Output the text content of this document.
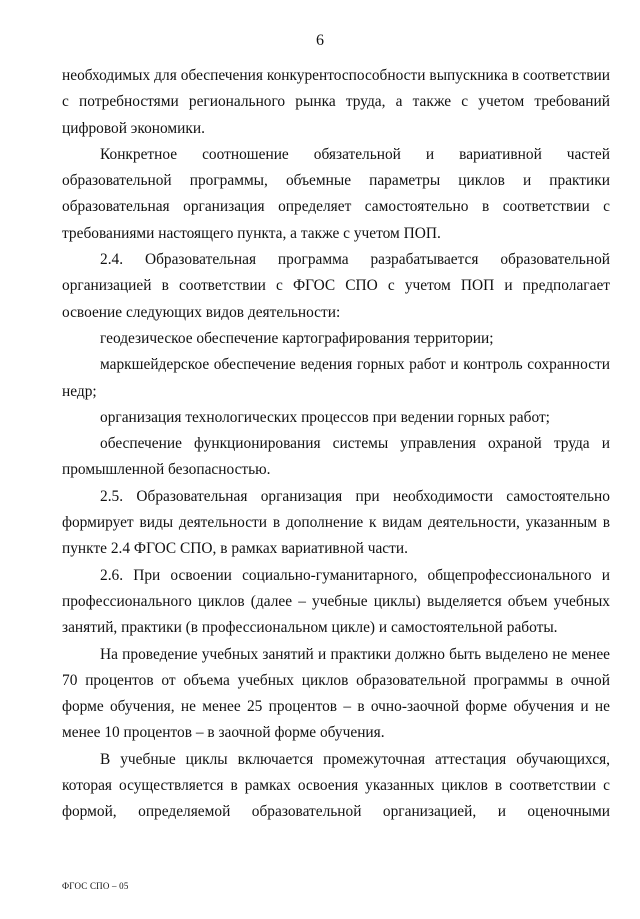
6

необходимых для обеспечения конкурентоспособности выпускника в соответствии с потребностями регионального рынка труда, а также с учетом требований цифровой экономики.

Конкретное соотношение обязательной и вариативной частей образовательной программы, объемные параметры циклов и практики образовательная организация определяет самостоятельно в соответствии с требованиями настоящего пункта, а также с учетом ПОП.

2.4. Образовательная программа разрабатывается образовательной организацией в соответствии с ФГОС СПО с учетом ПОП и предполагает освоение следующих видов деятельности:

геодезическое обеспечение картографирования территории;

маркшейдерское обеспечение ведения горных работ и контроль сохранности недр;

организация технологических процессов при ведении горных работ;

обеспечение функционирования системы управления охраной труда и промышленной безопасностью.

2.5. Образовательная организация при необходимости самостоятельно формирует виды деятельности в дополнение к видам деятельности, указанным в пункте 2.4 ФГОС СПО, в рамках вариативной части.

2.6. При освоении социально-гуманитарного, общепрофессионального и профессионального циклов (далее – учебные циклы) выделяется объем учебных занятий, практики (в профессиональном цикле) и самостоятельной работы.

На проведение учебных занятий и практики должно быть выделено не менее 70 процентов от объема учебных циклов образовательной программы в очной форме обучения, не менее 25 процентов – в очно-заочной форме обучения и не менее 10 процентов – в заочной форме обучения.

В учебные циклы включается промежуточная аттестация обучающихся, которая осуществляется в рамках освоения указанных циклов в соответствии с формой, определяемой образовательной организацией, и оценочными

ФГОС СПО – 05
